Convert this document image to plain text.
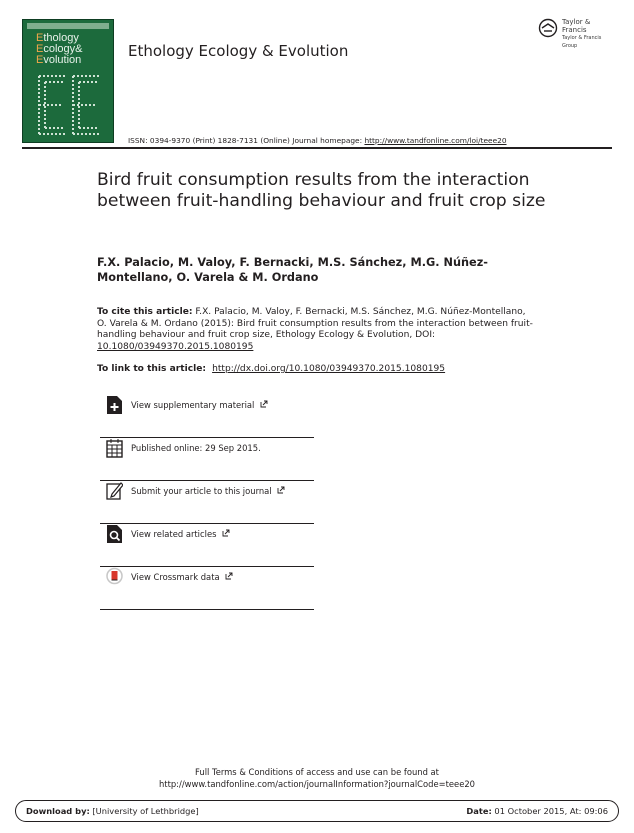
Ethology
Ecology&
Evolution	Ethology Ecology & Evolution
Taylor & Francis
Taylor & Francis Group
ISSN: 0394-9370 (Print) 1828-7131 (Online) Journal homepage: http://www.tandfonline.com/loi/teee20
Bird fruit consumption results from the interaction between fruit-handling behaviour and fruit crop size
F.X. Palacio, M. Valoy, F. Bernacki, M.S. Sánchez, M.G. Núñez-Montellano, O. Varela & M. Ordano
To cite this article: F.X. Palacio, M. Valoy, F. Bernacki, M.S. Sánchez, M.G. Núñez-Montellano, O. Varela & M. Ordano (2015): Bird fruit consumption results from the interaction between fruit-handling behaviour and fruit crop size, Ethology Ecology & Evolution, DOI: 10.1080/03949370.2015.1080195
To link to this article:  http://dx.doi.org/10.1080/03949370.2015.1080195
View supplementary material
Published online: 29 Sep 2015.
Submit your article to this journal
View related articles
View Crossmark data
Full Terms & Conditions of access and use can be found at
http://www.tandfonline.com/action/journalInformation?journalCode=teee20
Download by: [University of Lethbridge]	Date: 01 October 2015, At: 09:06
